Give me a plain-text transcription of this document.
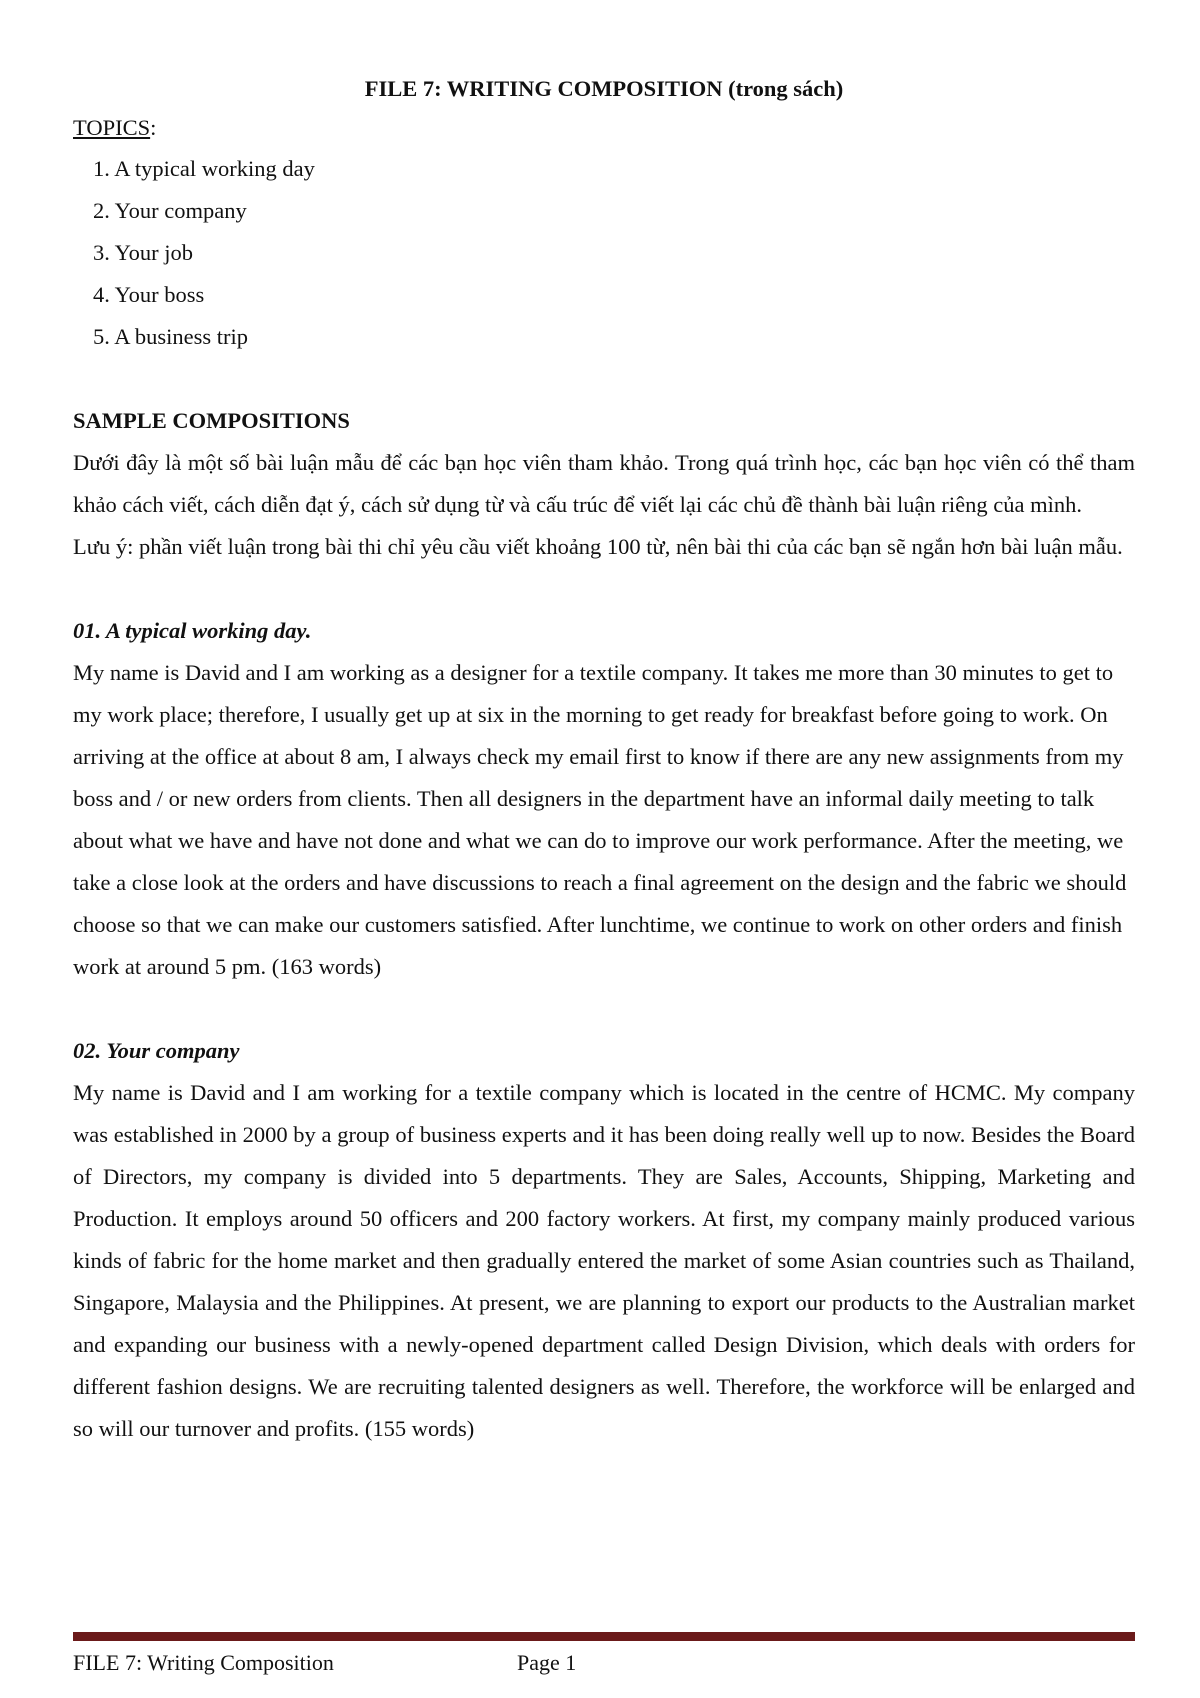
FILE 7: WRITING COMPOSITION (trong sách)

TOPICS:

1. A typical working day
2. Your company
3. Your job
4. Your boss
5. A business trip

SAMPLE COMPOSITIONS

Dưới đây là một số bài luận mẫu để các bạn học viên tham khảo. Trong quá trình học, các bạn học viên có thể tham khảo cách viết, cách diễn đạt ý, cách sử dụng từ và cấu trúc để viết lại các chủ đề thành bài luận riêng của mình.

Lưu ý: phần viết luận trong bài thi chỉ yêu cầu viết khoảng 100 từ, nên bài thi của các bạn sẽ ngắn hơn bài luận mẫu.

01. A typical working day.

My name is David and I am working as a designer for a textile company. It takes me more than 30 minutes to get to my work place; therefore, I usually get up at six in the morning to get ready for breakfast before going to work. On arriving at the office at about 8 am, I always check my email first to know if there are any new assignments from my boss and / or new orders from clients. Then all designers in the department have an informal daily meeting to talk about what we have and have not done and what we can do to improve our work performance. After the meeting, we take a close look at the orders and have discussions to reach a final agreement on the design and the fabric we should choose so that we can make our customers satisfied. After lunchtime, we continue to work on other orders and finish work at around 5 pm. (163 words)

02. Your company

My name is David and I am working for a textile company which is located in the centre of HCMC. My company was established in 2000 by a group of business experts and it has been doing really well up to now. Besides the Board of Directors, my company is divided into 5 departments. They are Sales, Accounts, Shipping, Marketing and Production. It employs around 50 officers and 200 factory workers. At first, my company mainly produced various kinds of fabric for the home market and then gradually entered the market of some Asian countries such as Thailand, Singapore, Malaysia and the Philippines. At present, we are planning to export our products to the Australian market and expanding our business with a newly-opened department called Design Division, which deals with orders for different fashion designs. We are recruiting talented designers as well. Therefore, the workforce will be enlarged and so will our turnover and profits. (155 words)

FILE 7: Writing Composition	Page 1
